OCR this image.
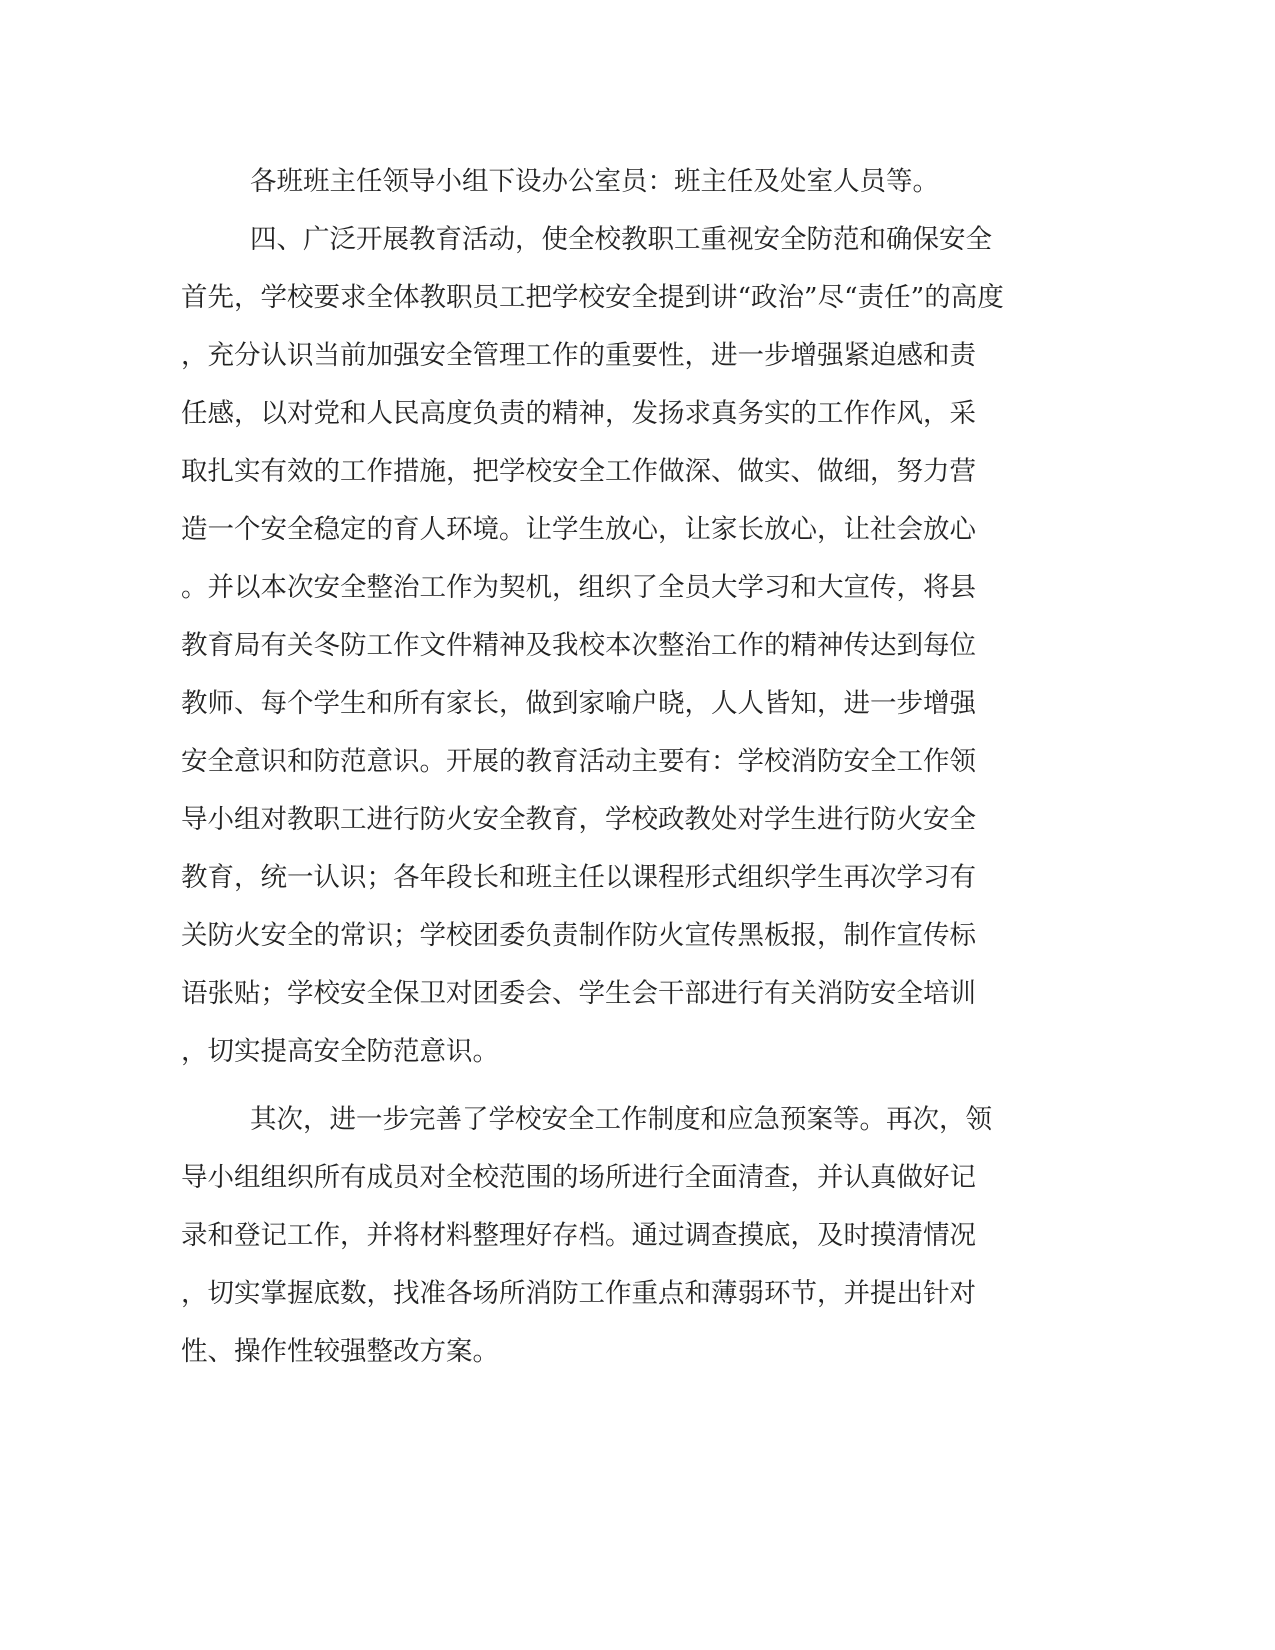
各班班主任领导小组下设办公室员：班主任及处室人员等。
四、广泛开展教育活动，使全校教职工重视安全防范和确保安全
首先，学校要求全体教职员工把学校安全提到讲“政治”尽“责任”的高度
，充分认识当前加强安全管理工作的重要性，进一步增强紧迫感和责
任感，以对党和人民高度负责的精神，发扬求真务实的工作作风，采
取扎实有效的工作措施，把学校安全工作做深、做实、做细，努力营
造一个安全稳定的育人环境。让学生放心，让家长放心，让社会放心
。并以本次安全整治工作为契机，组织了全员大学习和大宣传，将县
教育局有关冬防工作文件精神及我校本次整治工作的精神传达到每位
教师、每个学生和所有家长，做到家喻户晓，人人皆知，进一步增强
安全意识和防范意识。开展的教育活动主要有：学校消防安全工作领
导小组对教职工进行防火安全教育，学校政教处对学生进行防火安全
教育，统一认识；各年段长和班主任以课程形式组织学生再次学习有
关防火安全的常识；学校团委负责制作防火宣传黑板报，制作宣传标
语张贴；学校安全保卫对团委会、学生会干部进行有关消防安全培训
，切实提高安全防范意识。
其次，进一步完善了学校安全工作制度和应急预案等。再次，领
导小组组织所有成员对全校范围的场所进行全面清查，并认真做好记
录和登记工作，并将材料整理好存档。通过调查摸底，及时摸清情况
，切实掌握底数，找准各场所消防工作重点和薄弱环节，并提出针对
性、操作性较强整改方案。
